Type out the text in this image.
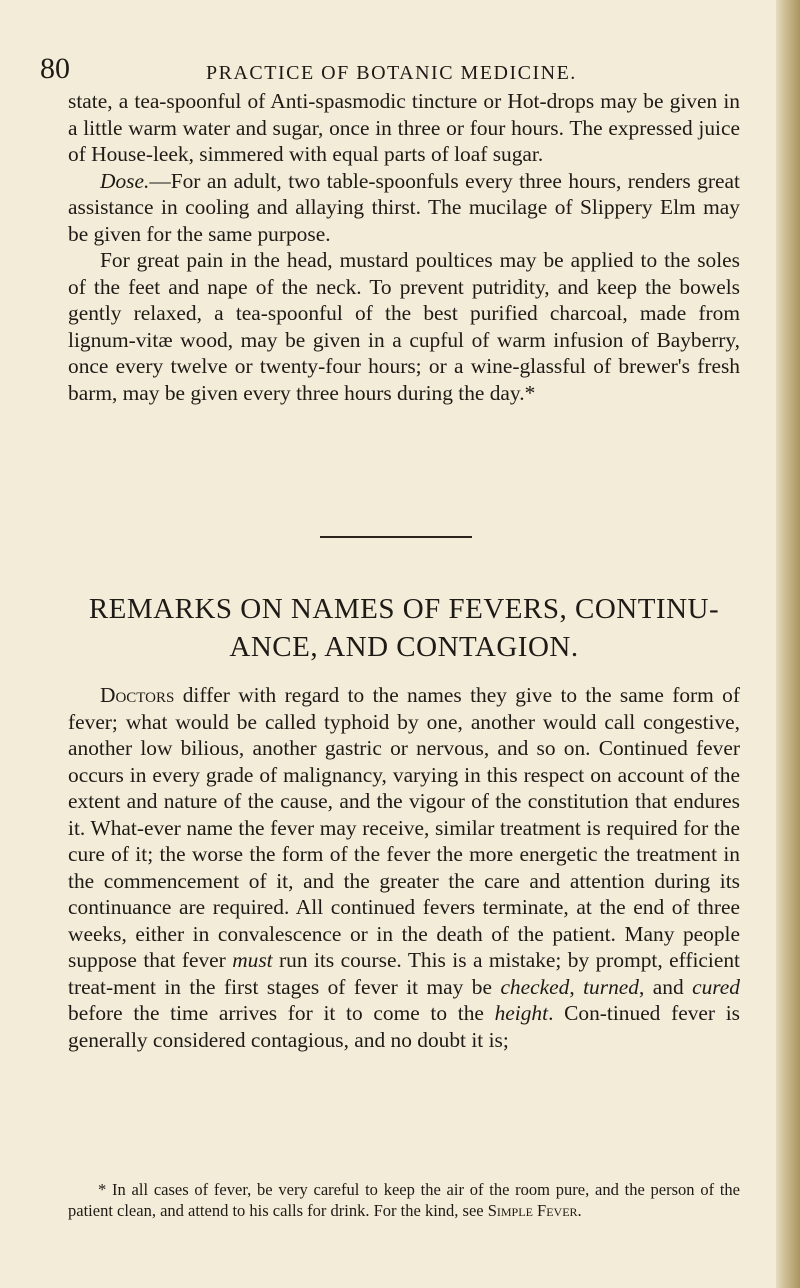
80	PRACTICE OF BOTANIC MEDICINE.

state, a tea-spoonful of Anti-spasmodic tincture or Hot-drops may be given in a little warm water and sugar, once in three or four hours. The expressed juice of House-leek, simmered with equal parts of loaf sugar.

Dose.—For an adult, two table-spoonfuls every three hours, renders great assistance in cooling and allaying thirst. The mucilage of Slippery Elm may be given for the same purpose.

For great pain in the head, mustard poultices may be applied to the soles of the feet and nape of the neck. To prevent putridity, and keep the bowels gently relaxed, a tea-spoonful of the best purified charcoal, made from lignum-vitæ wood, may be given in a cupful of warm infusion of Bayberry, once every twelve or twenty-four hours; or a wine-glassful of brewer's fresh barm, may be given every three hours during the day.*

REMARKS ON NAMES OF FEVERS, CONTINU-ANCE, AND CONTAGION.

Doctors differ with regard to the names they give to the same form of fever; what would be called typhoid by one, another would call congestive, another low bilious, another gastric or nervous, and so on. Continued fever occurs in every grade of malignancy, varying in this respect on account of the extent and nature of the cause, and the vigour of the constitution that endures it. What-ever name the fever may receive, similar treatment is required for the cure of it; the worse the form of the fever the more energetic the treatment in the commencement of it, and the greater the care and attention during its continuance are required. All continued fevers terminate, at the end of three weeks, either in convalescence or in the death of the patient. Many people suppose that fever must run its course. This is a mistake; by prompt, efficient treat-ment in the first stages of fever it may be checked, turned, and cured before the time arrives for it to come to the height. Con-tinued fever is generally considered contagious, and no doubt it is;

* In all cases of fever, be very careful to keep the air of the room pure, and the person of the patient clean, and attend to his calls for drink. For the kind, see Simple Fever.
